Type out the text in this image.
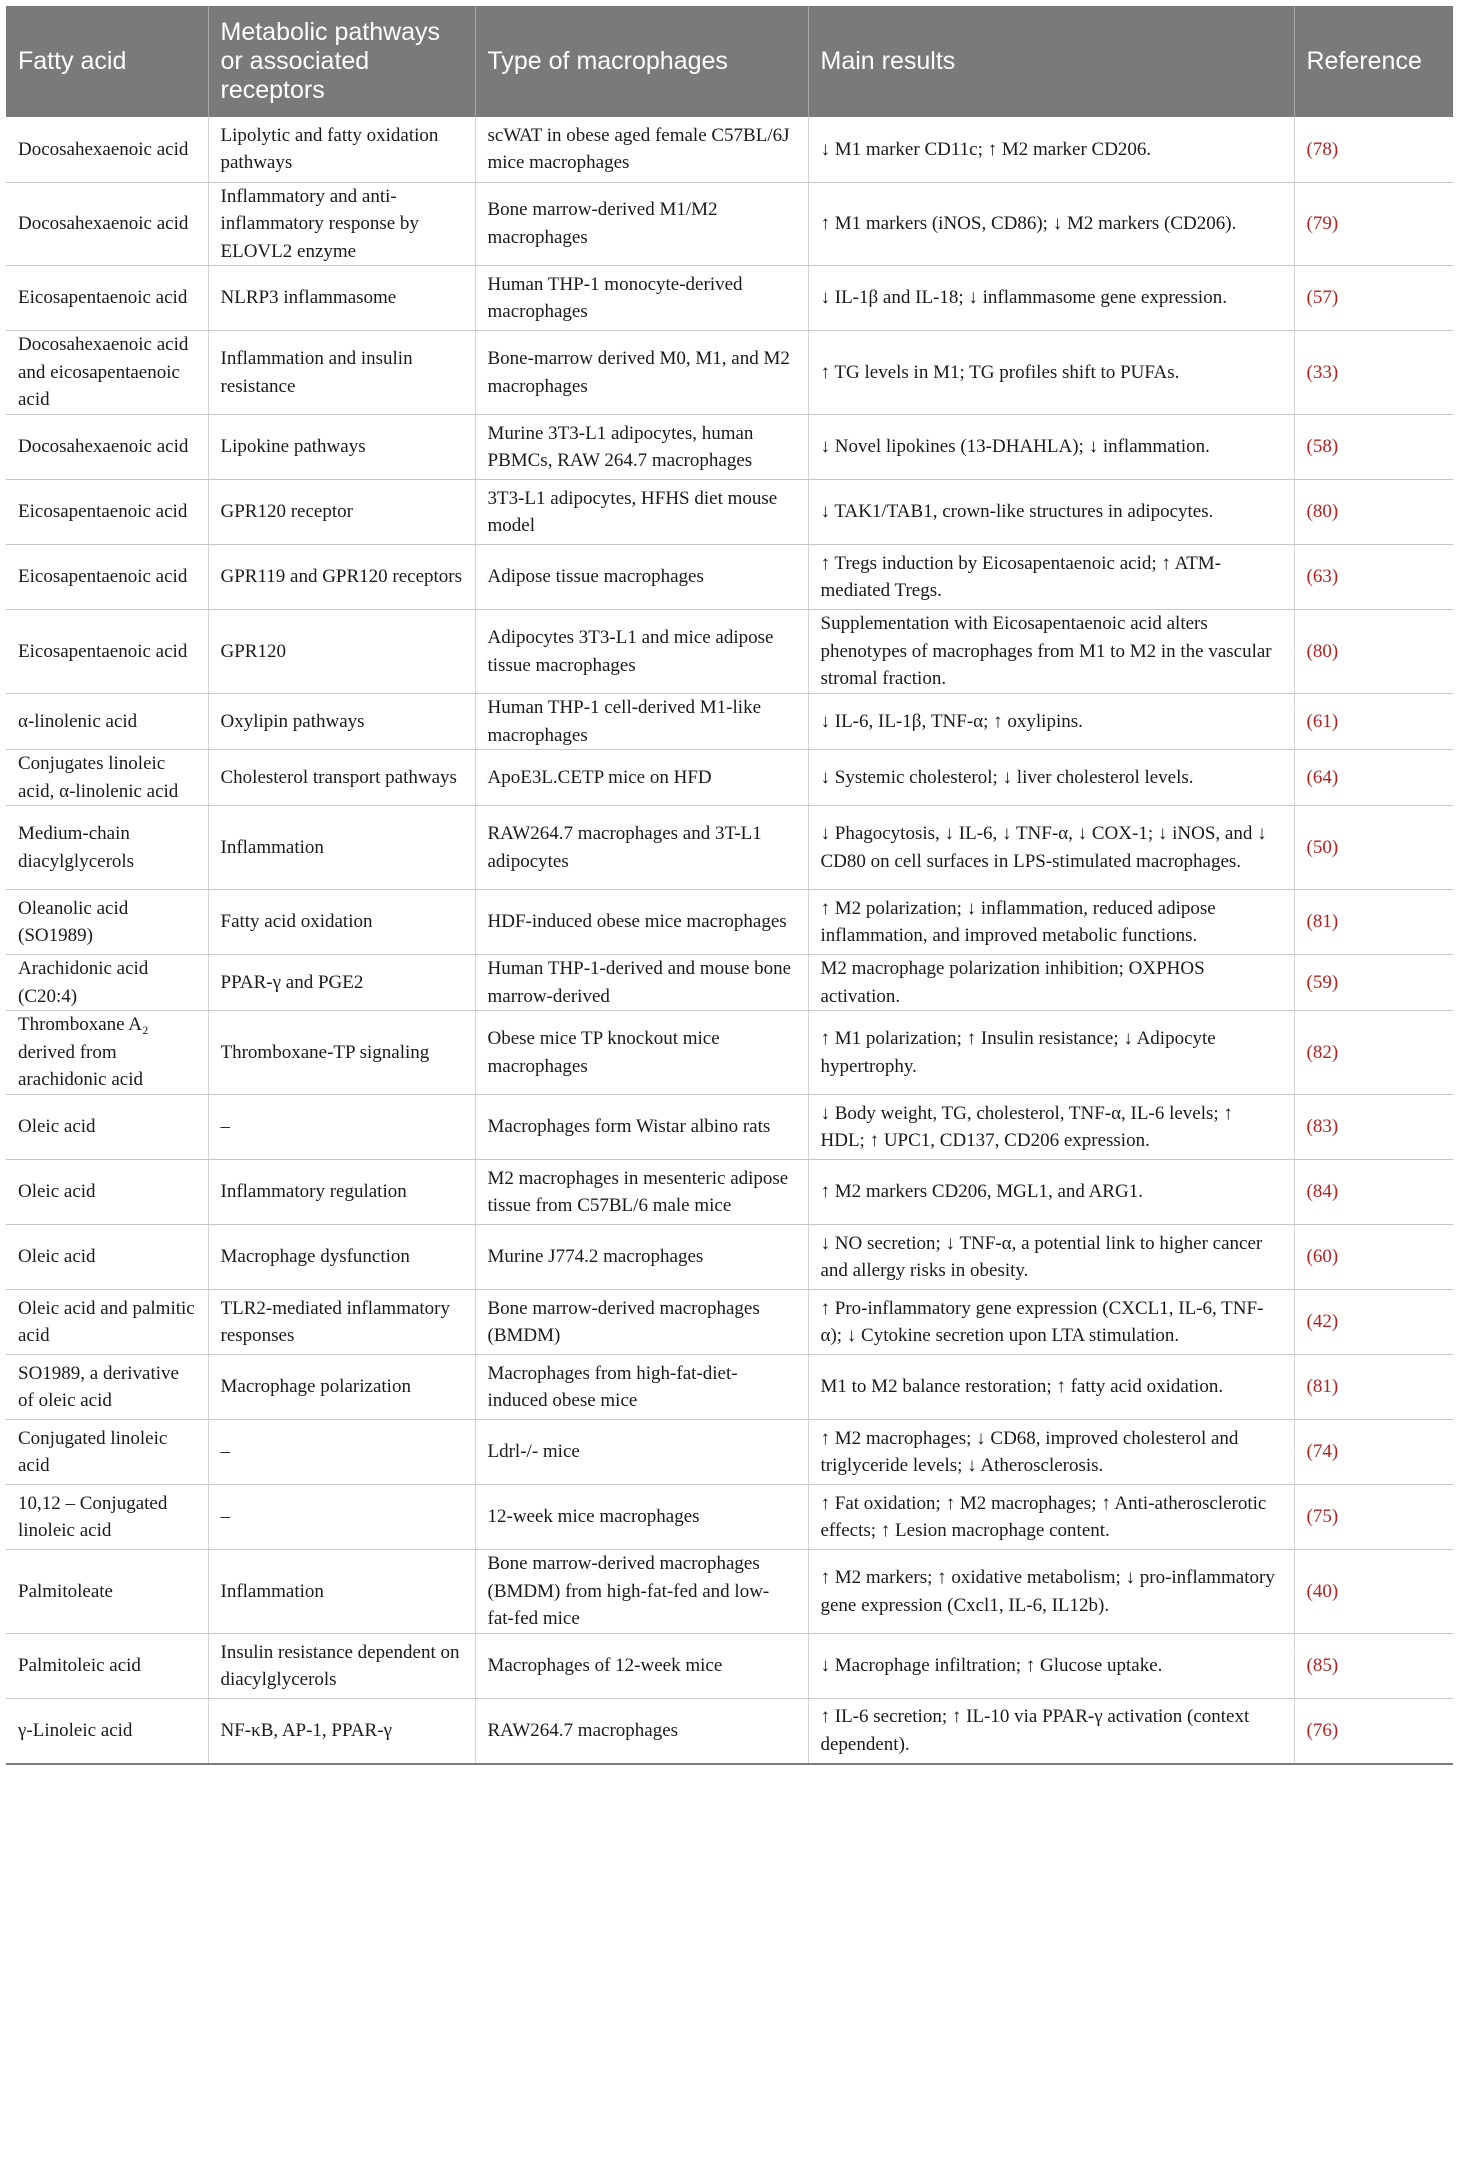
Fatty acid	Metabolic pathways or associated receptors	Type of macrophages	Main results	Reference
Docosahexaenoic acid	Lipolytic and fatty oxidation pathways	scWAT in obese aged female C57BL/6J mice macrophages	↓ M1 marker CD11c; ↑ M2 marker CD206.	(78)
Docosahexaenoic acid	Inflammatory and anti-inflammatory response by ELOVL2 enzyme	Bone marrow-derived M1/M2 macrophages	↑ M1 markers (iNOS, CD86); ↓ M2 markers (CD206).	(79)
Eicosapentaenoic acid	NLRP3 inflammasome	Human THP-1 monocyte-derived macrophages	↓ IL-1β and IL-18; ↓ inflammasome gene expression.	(57)
Docosahexaenoic acid and eicosapentaenoic acid	Inflammation and insulin resistance	Bone-marrow derived M0, M1, and M2 macrophages	↑ TG levels in M1; TG profiles shift to PUFAs.	(33)
Docosahexaenoic acid	Lipokine pathways	Murine 3T3-L1 adipocytes, human PBMCs, RAW 264.7 macrophages	↓ Novel lipokines (13-DHAHLA); ↓ inflammation.	(58)
Eicosapentaenoic acid	GPR120 receptor	3T3-L1 adipocytes, HFHS diet mouse model	↓ TAK1/TAB1, crown-like structures in adipocytes.	(80)
Eicosapentaenoic acid	GPR119 and GPR120 receptors	Adipose tissue macrophages	↑ Tregs induction by Eicosapentaenoic acid; ↑ ATM-mediated Tregs.	(63)
Eicosapentaenoic acid	GPR120	Adipocytes 3T3-L1 and mice adipose tissue macrophages	Supplementation with Eicosapentaenoic acid alters phenotypes of macrophages from M1 to M2 in the vascular stromal fraction.	(80)
α-linolenic acid	Oxylipin pathways	Human THP-1 cell-derived M1-like macrophages	↓ IL-6, IL-1β, TNF-α; ↑ oxylipins.	(61)
Conjugates linoleic acid, α-linolenic acid	Cholesterol transport pathways	ApoE3L.CETP mice on HFD	↓ Systemic cholesterol; ↓ liver cholesterol levels.	(64)
Medium-chain diacylglycerols	Inflammation	RAW264.7 macrophages and 3T-L1 adipocytes	↓ Phagocytosis, ↓ IL-6, ↓ TNF-α, ↓ COX-1; ↓ iNOS, and ↓ CD80 on cell surfaces in LPS-stimulated macrophages.	(50)
Oleanolic acid (SO1989)	Fatty acid oxidation	HDF-induced obese mice macrophages	↑ M2 polarization; ↓ inflammation, reduced adipose inflammation, and improved metabolic functions.	(81)
Arachidonic acid (C20:4)	PPAR-γ and PGE2	Human THP-1-derived and mouse bone marrow-derived	M2 macrophage polarization inhibition; OXPHOS activation.	(59)
Thromboxane A₂ derived from arachidonic acid	Thromboxane-TP signaling	Obese mice TP knockout mice macrophages	↑ M1 polarization; ↑ Insulin resistance; ↓ Adipocyte hypertrophy.	(82)
Oleic acid	–	Macrophages form Wistar albino rats	↓ Body weight, TG, cholesterol, TNF-α, IL-6 levels; ↑ HDL; ↑ UPC1, CD137, CD206 expression.	(83)
Oleic acid	Inflammatory regulation	M2 macrophages in mesenteric adipose tissue from C57BL/6 male mice	↑ M2 markers CD206, MGL1, and ARG1.	(84)
Oleic acid	Macrophage dysfunction	Murine J774.2 macrophages	↓ NO secretion; ↓ TNF-α, a potential link to higher cancer and allergy risks in obesity.	(60)
Oleic acid and palmitic acid	TLR2-mediated inflammatory responses	Bone marrow-derived macrophages (BMDM)	↑ Pro-inflammatory gene expression (CXCL1, IL-6, TNF-α); ↓ Cytokine secretion upon LTA stimulation.	(42)
SO1989, a derivative of oleic acid	Macrophage polarization	Macrophages from high-fat-diet-induced obese mice	M1 to M2 balance restoration; ↑ fatty acid oxidation.	(81)
Conjugated linoleic acid	–	Ldrl-/- mice	↑ M2 macrophages; ↓ CD68, improved cholesterol and triglyceride levels; ↓ Atherosclerosis.	(74)
10,12 – Conjugated linoleic acid	–	12-week mice macrophages	↑ Fat oxidation; ↑ M2 macrophages; ↑ Anti-atherosclerotic effects; ↑ Lesion macrophage content.	(75)
Palmitoleate	Inflammation	Bone marrow-derived macrophages (BMDM) from high-fat-fed and low-fat-fed mice	↑ M2 markers; ↑ oxidative metabolism; ↓ pro-inflammatory gene expression (Cxcl1, IL-6, IL12b).	(40)
Palmitoleic acid	Insulin resistance dependent on diacylglycerols	Macrophages of 12-week mice	↓ Macrophage infiltration; ↑ Glucose uptake.	(85)
γ-Linoleic acid	NF-κB, AP-1, PPAR-γ	RAW264.7 macrophages	↑ IL-6 secretion; ↑ IL-10 via PPAR-γ activation (context dependent).	(76)
